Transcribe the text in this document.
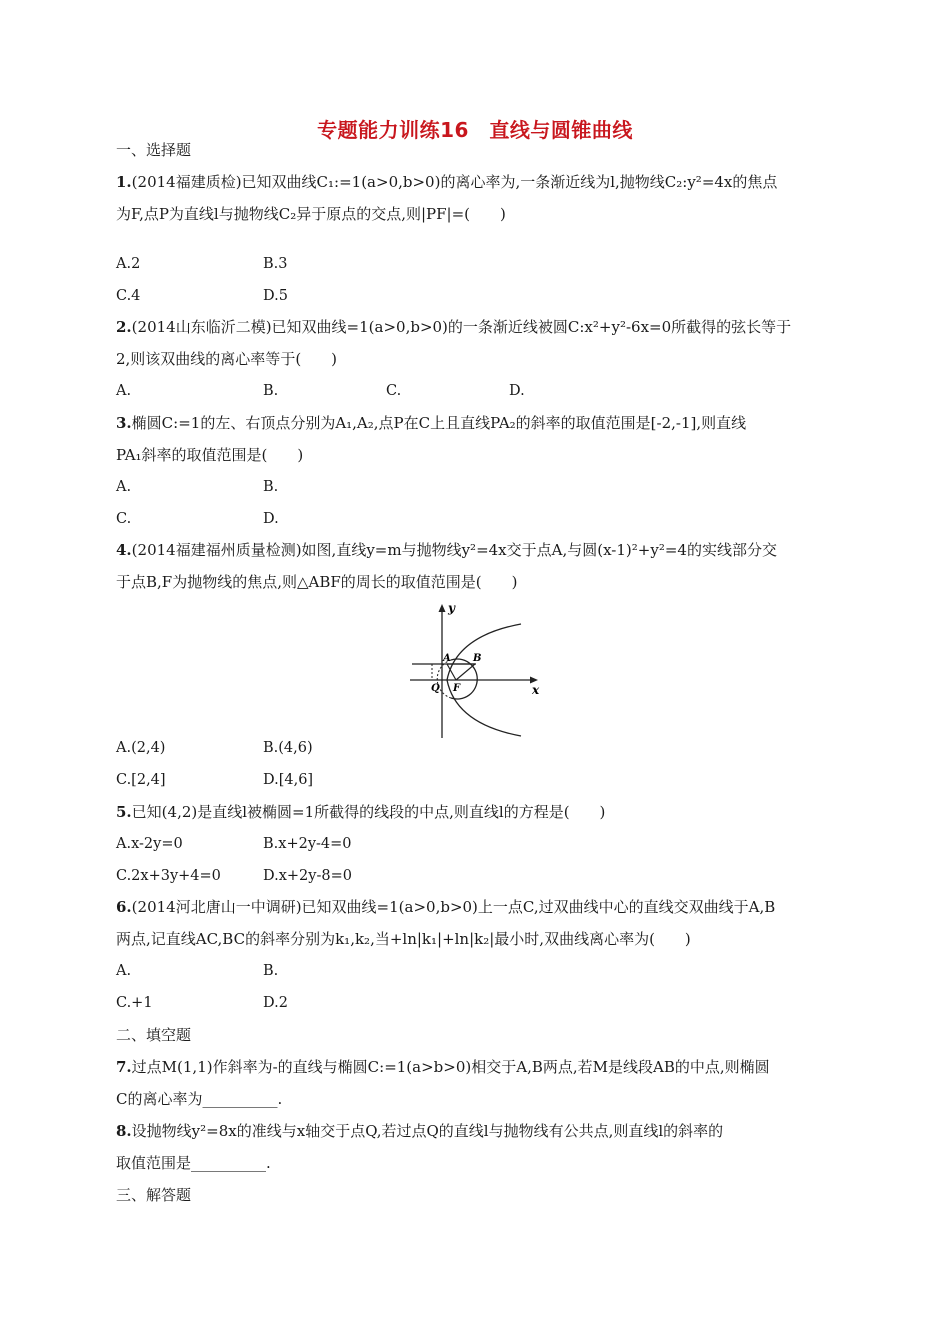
专题能力训练16　直线与圆锥曲线
一、选择题
1.(2014福建质检)已知双曲线C₁:=1(a>0,b>0)的离心率为,一条渐近线为l,抛物线C₂:y²=4x的焦点
为F,点P为直线l与抛物线C₂异于原点的交点,则|PF|=(　　)
A.2	B.3
C.4	D.5
2.(2014山东临沂二模)已知双曲线=1(a>0,b>0)的一条渐近线被圆C:x²+y²-6x=0所截得的弦长等于
2,则该双曲线的离心率等于(　　)
A.	B.	C.	D.
3.椭圆C:=1的左、右顶点分别为A₁,A₂,点P在C上且直线PA₂的斜率的取值范围是[-2,-1],则直线
PA₁斜率的取值范围是(　　)
A.	B.
C.	D.
4.(2014福建福州质量检测)如图,直线y=m与抛物线y²=4x交于点A,与圆(x-1)²+y²=4的实线部分交
于点B,F为抛物线的焦点,则△ABF的周长的取值范围是(　　)
y
x
A B
Q F
A.(2,4)	B.(4,6)
C.[2,4]	D.[4,6]
5.已知(4,2)是直线l被椭圆=1所截得的线段的中点,则直线l的方程是(　　)
A.x-2y=0	B.x+2y-4=0
C.2x+3y+4=0	D.x+2y-8=0
6.(2014河北唐山一中调研)已知双曲线=1(a>0,b>0)上一点C,过双曲线中心的直线交双曲线于A,B
两点,记直线AC,BC的斜率分别为k₁,k₂,当+ln|k₁|+ln|k₂|最小时,双曲线离心率为(　　)
A.	B.
C.+1	D.2
二、填空题
7.过点M(1,1)作斜率为-的直线与椭圆C:=1(a>b>0)相交于A,B两点,若M是线段AB的中点,则椭圆
C的离心率为__________.
8.设抛物线y²=8x的准线与x轴交于点Q,若过点Q的直线l与抛物线有公共点,则直线l的斜率的
取值范围是__________.
三、解答题
